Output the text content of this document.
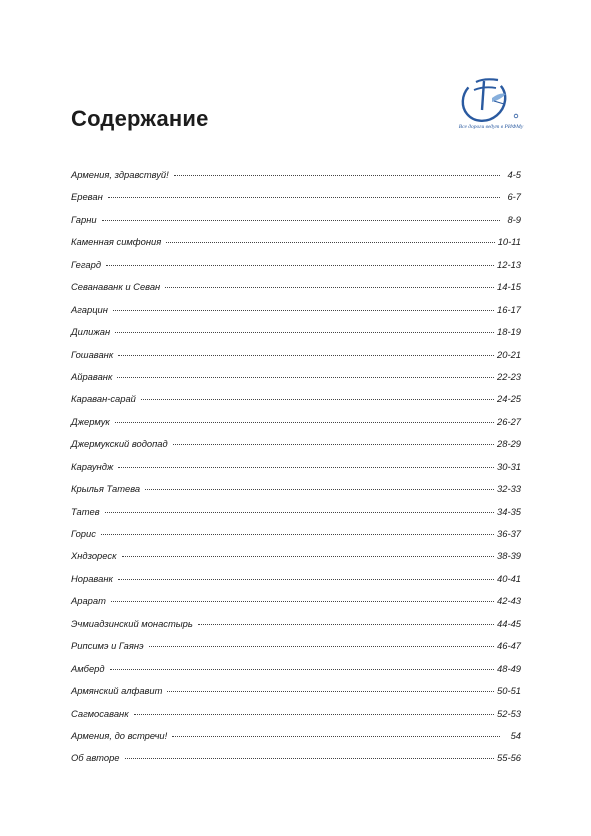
Содержание	Все дороги ведут в РИФМу
Армения, здравствуй!	4-5
Ереван	6-7
Гарни	8-9
Каменная симфония	10-11
Гегард	12-13
Севанаванк и Севан	14-15
Агарцин	16-17
Дилижан	18-19
Гошаванк	20-21
Айраванк	22-23
Караван-сарай	24-25
Джермук	26-27
Джермукский водопад	28-29
Караундж	30-31
Крылья Татева	32-33
Татев	34-35
Горис	36-37
Хндзореск	38-39
Нораванк	40-41
Арарат	42-43
Эчмиадзинский монастырь	44-45
Рипсимэ и Гаянэ	46-47
Амберд	48-49
Армянский алфавит	50-51
Сагмосаванк	52-53
Армения, до встречи!	54
Об авторе	55-56
